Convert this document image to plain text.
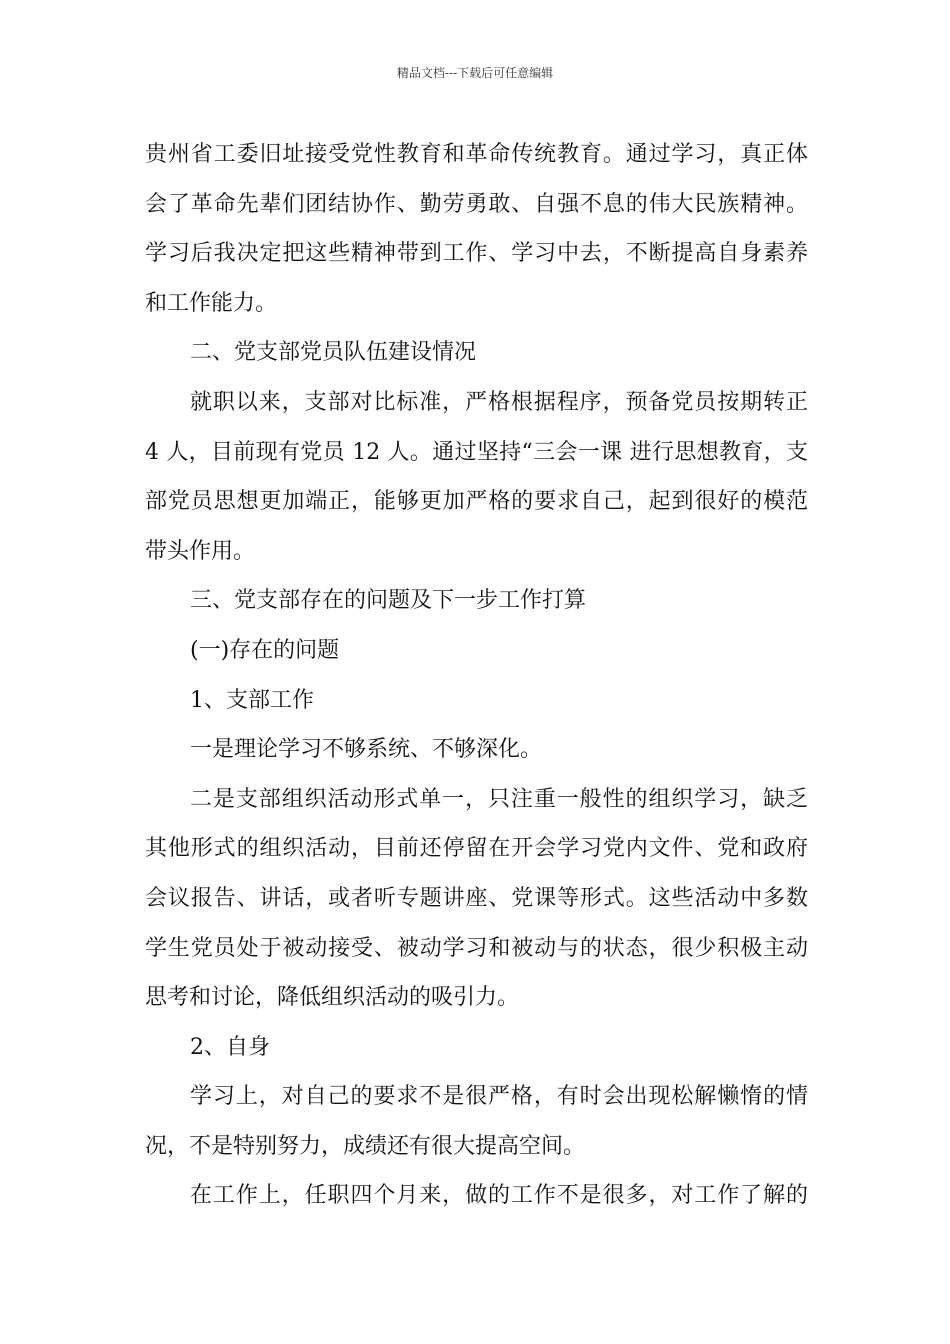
精品文档---下载后可任意编辑
贵州省工委旧址接受党性教育和革命传统教育。通过学习，真正体
会了革命先辈们团结协作、勤劳勇敢、自强不息的伟大民族精神。
学习后我决定把这些精神带到工作、学习中去，不断提高自身素养
和工作能力。
二、党支部党员队伍建设情况
就职以来，支部对比标准，严格根据程序，预备党员按期转正
4 人，目前现有党员 12 人。通过坚持“三会一课 进行思想教育，支
部党员思想更加端正，能够更加严格的要求自己，起到很好的模范
带头作用。
三、党支部存在的问题及下一步工作打算
(一)存在的问题
1、支部工作
一是理论学习不够系统、不够深化。
二是支部组织活动形式单一，只注重一般性的组织学习，缺乏
其他形式的组织活动，目前还停留在开会学习党内文件、党和政府
会议报告、讲话，或者听专题讲座、党课等形式。这些活动中多数
学生党员处于被动接受、被动学习和被动与的状态，很少积极主动
思考和讨论，降低组织活动的吸引力。
2、自身
学习上，对自己的要求不是很严格，有时会出现松解懒惰的情
况，不是特别努力，成绩还有很大提高空间。
在工作上，任职四个月来，做的工作不是很多，对工作了解的
